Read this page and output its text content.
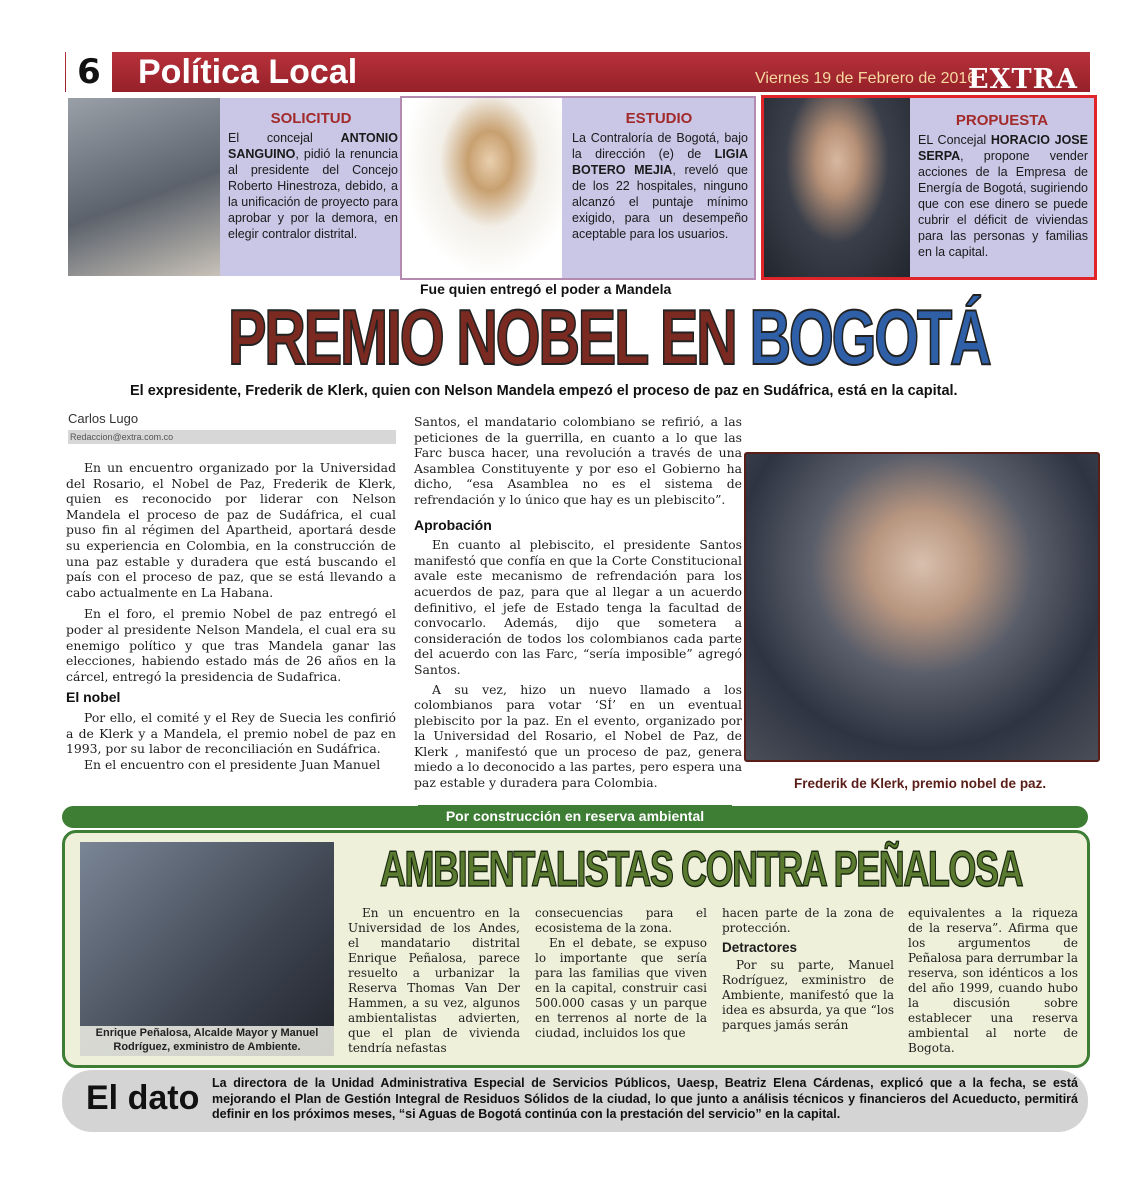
6	Política Local	Viernes 19 de Febrero de 2016
EXTRA
SOLICITUD
El concejal ANTONIO SANGUINO, pidió la renuncia al presidente del Concejo Roberto Hinestroza, debido, a la unificación de proyecto para aprobar y por la demora, en elegir contralor distrital.
ESTUDIO
La Contraloría de Bogotá, bajo la dirección (e) de LIGIA BOTERO MEJIA, reveló que de los 22 hospitales, ninguno alcanzó el puntaje mínimo exigido, para un desempeño aceptable para los usuarios.
PROPUESTA
EL Concejal HORACIO JOSE SERPA, propone vender acciones de la Empresa de Energía de Bogotá, sugiriendo que con ese dinero se puede cubrir el déficit de viviendas para las personas y familias en la capital.
Fue quien entregó el poder a Mandela
PREMIO NOBEL EN BOGOTÁ
El expresidente, Frederik de Klerk, quien con Nelson Mandela empezó el proceso de paz en Sudáfrica, está en la capital.
Carlos Lugo
Redaccion@extra.com.co

En un encuentro organizado por la Universidad del Rosario, el Nobel de Paz, Frederik de Klerk, quien es reconocido por liderar con Nelson Mandela el proceso de paz de Sudáfrica, el cual puso fin al régimen del Apartheid, aportará desde su experiencia en Colombia, en la construcción de una paz estable y duradera que está buscando el país con el proceso de paz, que se está llevando a cabo actualmente en La Habana.

En el foro, el premio Nobel de paz entregó el poder al presidente Nelson Mandela, el cual era su enemigo político y que tras Mandela ganar las elecciones, habiendo estado más de 26 años en la cárcel, entregó la presidencia de Sudafrica.

El nobel

Por ello, el comité y el Rey de Suecia les confirió a de Klerk y a Mandela, el premio nobel de paz en 1993, por su labor de reconciliación en Sudáfrica.

En el encuentro con el presidente Juan Manuel

Santos, el mandatario colombiano se refirió, a las peticiones de la guerrilla, en cuanto a lo que las Farc busca hacer, una revolución a través de una Asamblea Constituyente y por eso el Gobierno ha dicho, “esa Asamblea no es el sistema de refrendación y lo único que hay es un plebiscito”.

Aprobación

En cuanto al plebiscito, el presidente Santos manifestó que confía en que la Corte Constitucional avale este mecanismo de refrendación para los acuerdos de paz, para que al llegar a un acuerdo definitivo, el jefe de Estado tenga la facultad de convocarlo. Además, dijo que sometera a consideración de todos los colombianos cada parte del acuerdo con las Farc, “sería imposible” agregó Santos.

A su vez, hizo un nuevo llamado a los colombianos para votar ‘SÍ’ en un eventual plebiscito por la paz. En el evento, organizado por la Universidad del Rosario, el Nobel de Paz, de Klerk , manifestó que un proceso de paz, genera miedo a lo deconocido a las partes, pero espera una paz estable y duradera para Colombia.	Frederik de Klerk, premio nobel de paz.
Por construcción en reserva ambiental
Enrique Peñalosa, Alcalde Mayor y Manuel Rodríguez, exministro de Ambiente.
AMBIENTALISTAS CONTRA PEÑALOSA

En un encuentro en la Universidad de los Andes, el mandatario distrital Enrique Peñalosa, parece resuelto a urbanizar la Reserva Thomas Van Der Hammen, a su vez, algunos ambientalistas advierten, que el plan de vivienda tendría nefastas

consecuencias para el ecosistema de la zona.

En el debate, se expuso lo importante que sería para las familias que viven en la capital, construir casi 500.000 casas y un parque en terrenos al norte de la ciudad, incluidos los que

hacen parte de la zona de protección.

Detractores

Por su parte, Manuel Rodríguez, exministro de Ambiente, manifestó que la idea es absurda, ya que “los parques jamás serán

equivalentes a la riqueza de la reserva”. Afirma que los argumentos de Peñalosa para derrumbar la reserva, son idénticos a los del año 1999, cuando hubo la discusión sobre establecer una reserva ambiental al norte de Bogota.

El dato La directora de la Unidad Administrativa Especial de Servicios Públicos, Uaesp, Beatriz Elena Cárdenas, explicó que a la fecha, se está mejorando el Plan de Gestión Integral de Residuos Sólidos de la ciudad, lo que junto a análisis técnicos y financieros del Acueducto, permitirá definir en los próximos meses, “si Aguas de Bogotá continúa con la prestación del servicio” en la capital.
